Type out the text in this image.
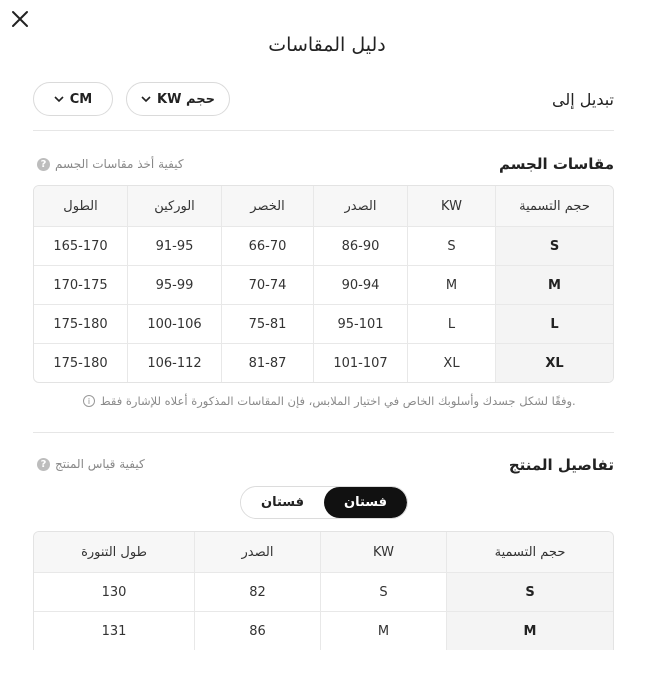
دليل المقاسات
تبديل إلى
KW حجم
CM
مقاسات الجسم
? كيفية أخذ مقاسات الجسم
حجم التسمية
KW
الصدر
الخصر
الوركين
الطول
S
S
86-90
66-70
91-95
165-170
M
M
90-94
70-74
95-99
170-175
L
L
95-101
75-81
100-106
175-180
XL
XL
101-107
81-87
106-112
175-180
i وفقًا لشكل جسدك وأسلوبك الخاص في اختيار الملابس، فإن المقاسات المذكورة أعلاه للإشارة فقط.
تفاصيل المنتج
? كيفية قياس المنتج
فستان
فستان
حجم التسمية
KW
الصدر
طول التنورة
S
S
82
130
M
M
86
131
